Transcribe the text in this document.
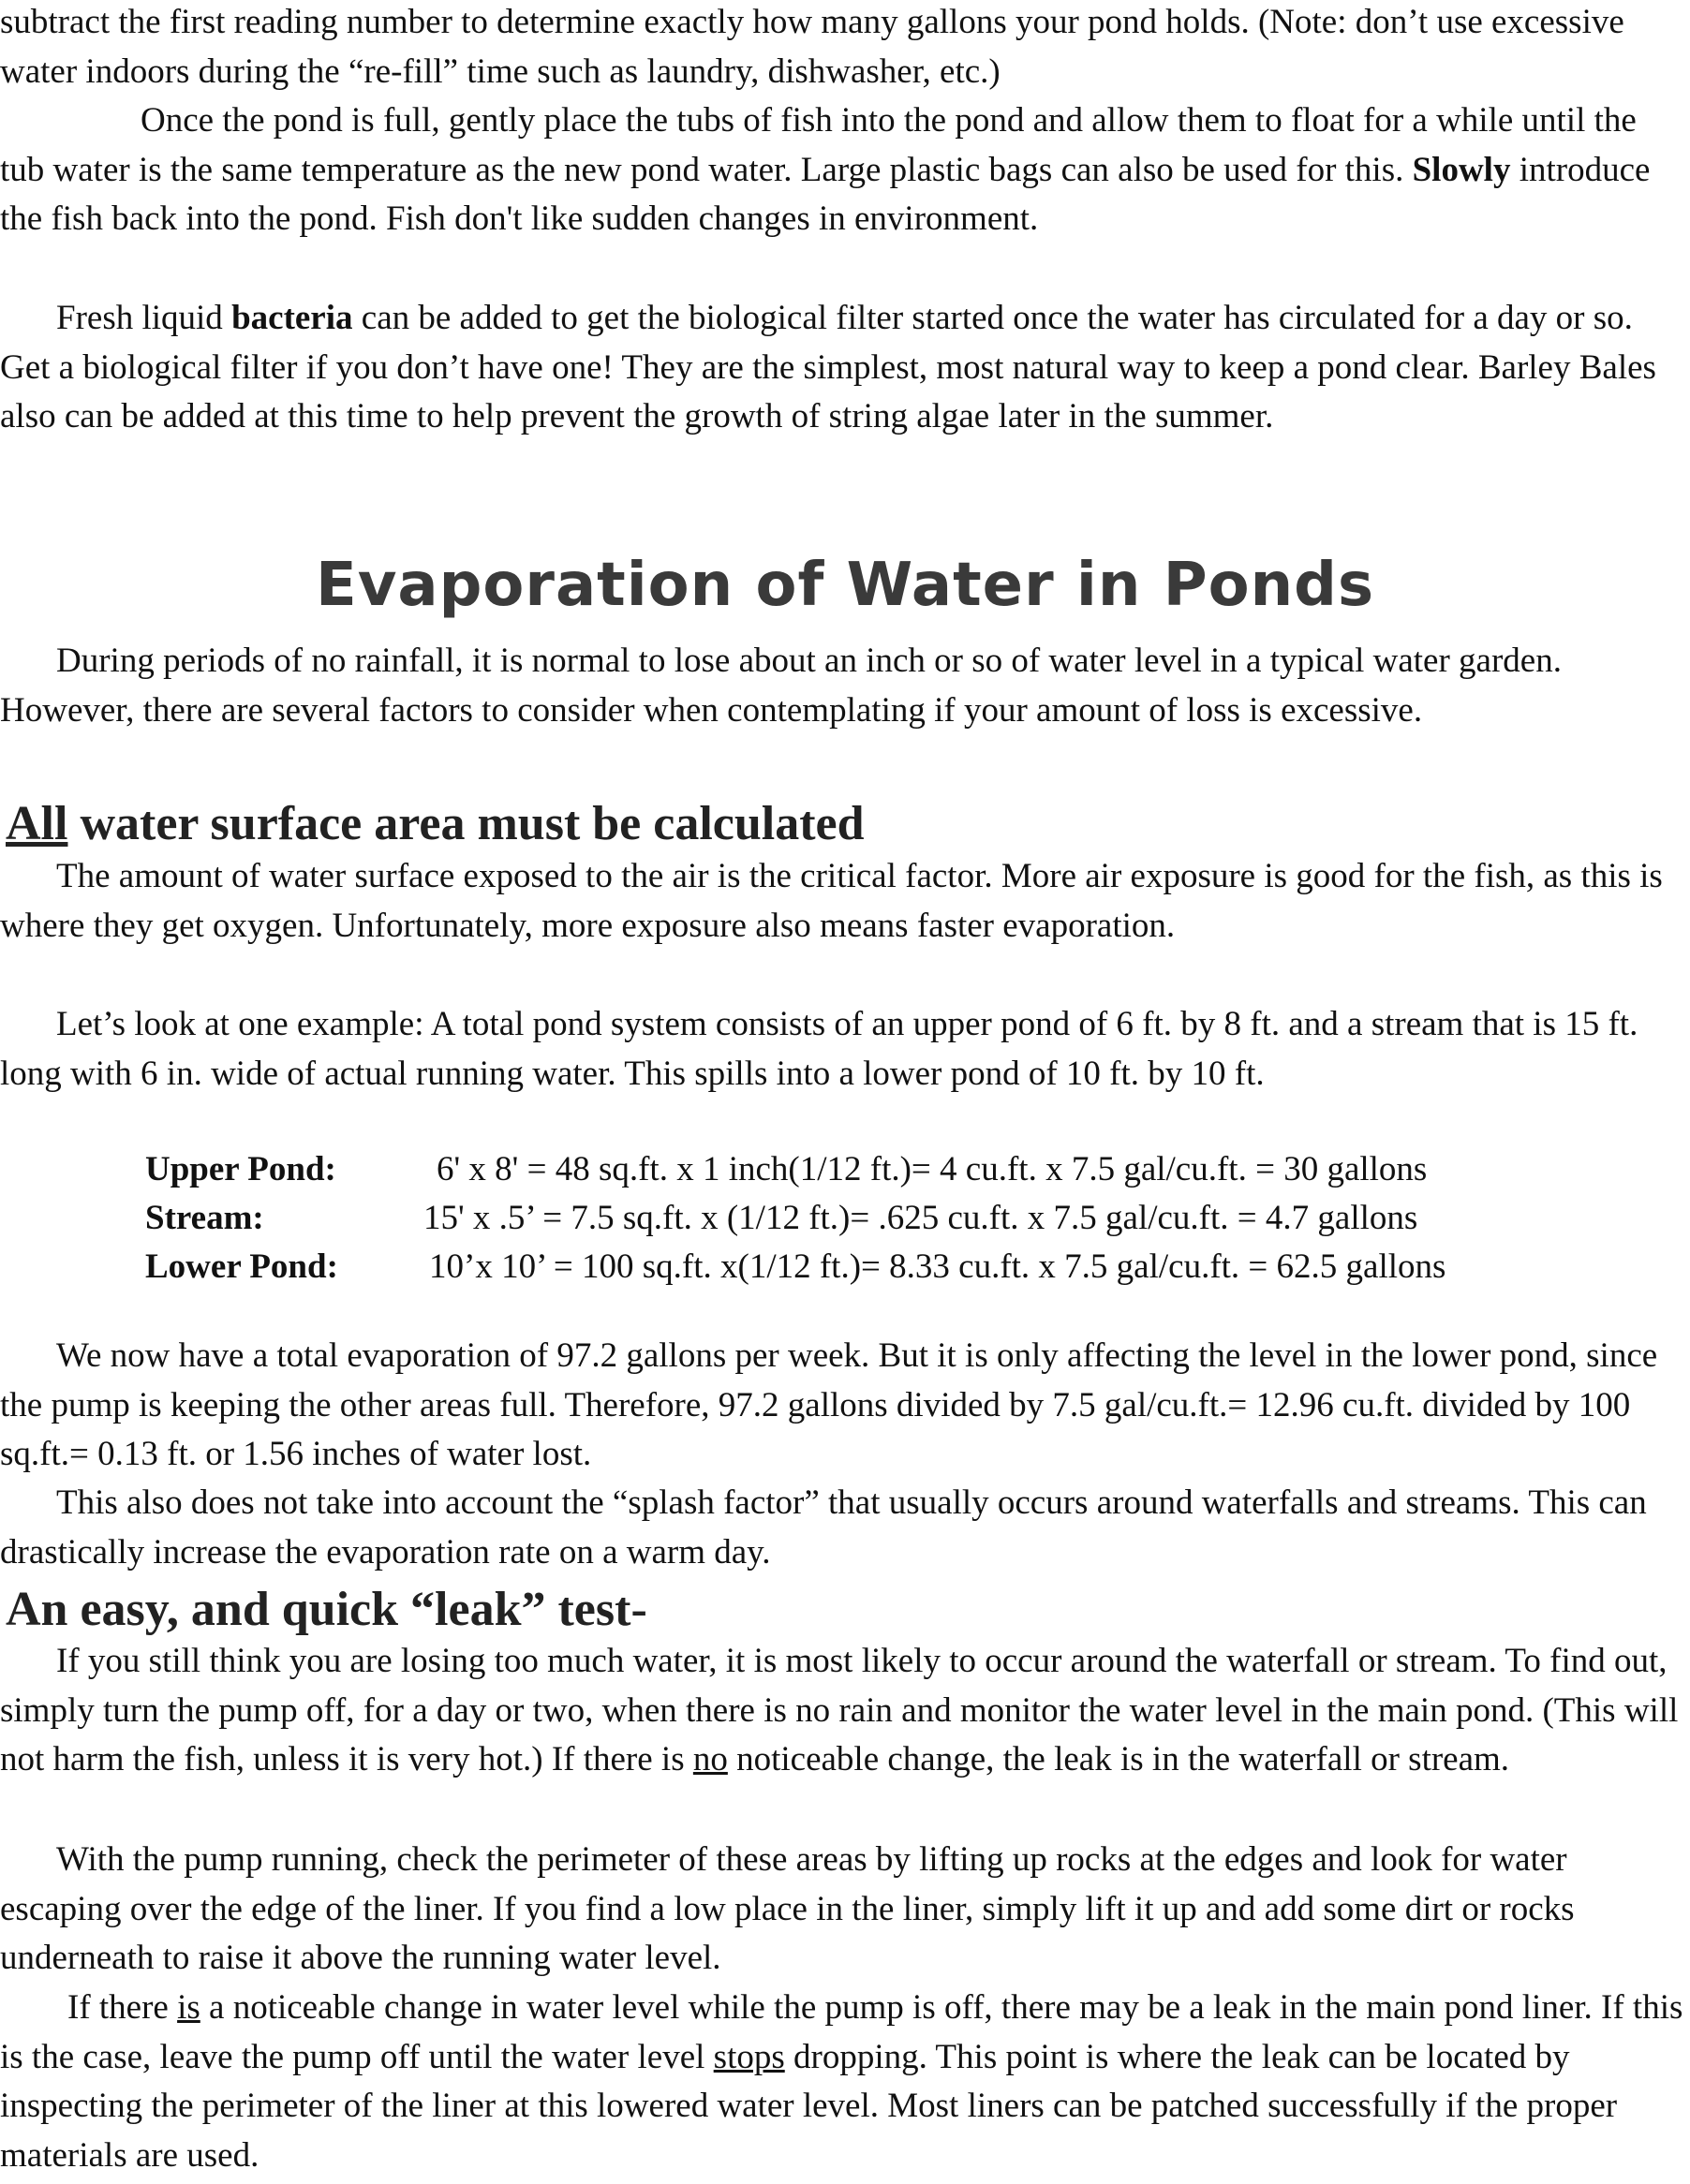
subtract the first reading number to determine exactly how many gallons your pond holds. (Note: don’t use excessive water indoors during the “re-fill” time such as laundry, dishwasher, etc.)

Once the pond is full, gently place the tubs of fish into the pond and allow them to float for a while until the tub water is the same temperature as the new pond water. Large plastic bags can also be used for this. Slowly introduce the fish back into the pond. Fish don't like sudden changes in environment.

Fresh liquid bacteria can be added to get the biological filter started once the water has circulated for a day or so. Get a biological filter if you don’t have one! They are the simplest, most natural way to keep a pond clear. Barley Bales also can be added at this time to help prevent the growth of string algae later in the summer.

Evaporation of Water in Ponds

During periods of no rainfall, it is normal to lose about an inch or so of water level in a typical water garden. However, there are several factors to consider when contemplating if your amount of loss is excessive.

All water surface area must be calculated

The amount of water surface exposed to the air is the critical factor. More air exposure is good for the fish, as this is where they get oxygen. Unfortunately, more exposure also means faster evaporation.

Let’s look at one example: A total pond system consists of an upper pond of 6 ft. by 8 ft. and a stream that is 15 ft. long with 6 in. wide of actual running water. This spills into a lower pond of 10 ft. by 10 ft.

Upper Pond:	6' x 8' = 48 sq.ft. x 1 inch(1/12 ft.)= 4 cu.ft. x 7.5 gal/cu.ft. = 30 gallons
Stream:	15' x .5’ = 7.5 sq.ft. x (1/12 ft.)= .625 cu.ft. x 7.5 gal/cu.ft. = 4.7 gallons
Lower Pond:	10’x 10’ = 100 sq.ft. x(1/12 ft.)= 8.33 cu.ft. x 7.5 gal/cu.ft. = 62.5 gallons

We now have a total evaporation of 97.2 gallons per week. But it is only affecting the level in the lower pond, since the pump is keeping the other areas full. Therefore, 97.2 gallons divided by 7.5 gal/cu.ft.= 12.96 cu.ft. divided by 100 sq.ft.= 0.13 ft. or 1.56 inches of water lost.

This also does not take into account the “splash factor” that usually occurs around waterfalls and streams. This can drastically increase the evaporation rate on a warm day.

An easy, and quick “leak” test-

If you still think you are losing too much water, it is most likely to occur around the waterfall or stream. To find out, simply turn the pump off, for a day or two, when there is no rain and monitor the water level in the main pond. (This will not harm the fish, unless it is very hot.) If there is no noticeable change, the leak is in the waterfall or stream.

With the pump running, check the perimeter of these areas by lifting up rocks at the edges and look for water escaping over the edge of the liner. If you find a low place in the liner, simply lift it up and add some dirt or rocks underneath to raise it above the running water level.

If there is a noticeable change in water level while the pump is off, there may be a leak in the main pond liner. If this is the case, leave the pump off until the water level stops dropping. This point is where the leak can be located by inspecting the perimeter of the liner at this lowered water level. Most liners can be patched successfully if the proper materials are used.
